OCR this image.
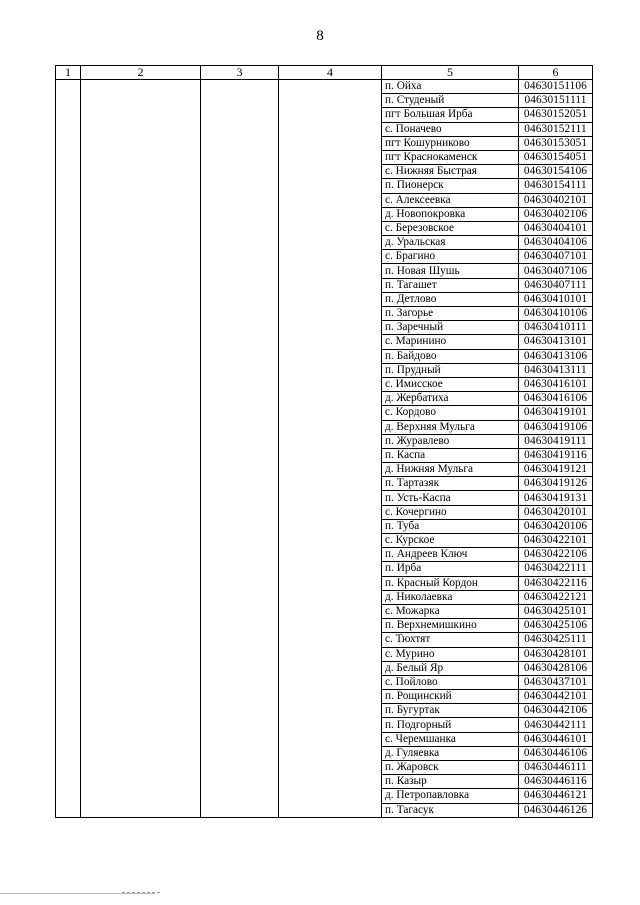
8
1	2	3	4	5	6
				п. Ойха	04630151106
				п. Студеный	04630151111
				пгт Большая Ирба	04630152051
				с. Поначево	04630152111
				пгт Кошурниково	04630153051
				пгт Краснокаменск	04630154051
				с. Нижняя Быстрая	04630154106
				п. Пионерск	04630154111
				с. Алексеевка	04630402101
				д. Новопокровка	04630402106
				с. Березовское	04630404101
				д. Уральская	04630404106
				с. Брагино	04630407101
				п. Новая Шушь	04630407106
				п. Тагашет	04630407111
				п. Детлово	04630410101
				п. Загорье	04630410106
				п. Заречный	04630410111
				с. Маринино	04630413101
				п. Байдово	04630413106
				п. Прудный	04630413111
				с. Имисское	04630416101
				д. Жербатиха	04630416106
				с. Кордово	04630419101
				д. Верхняя Мульга	04630419106
				п. Журавлево	04630419111
				п. Каспа	04630419116
				д. Нижняя Мульга	04630419121
				п. Тартазяк	04630419126
				п. Усть-Каспа	04630419131
				с. Кочергино	04630420101
				п. Туба	04630420106
				с. Курское	04630422101
				п. Андреев Ключ	04630422106
				п. Ирба	04630422111
				п. Красный Кордон	04630422116
				д. Николаевка	04630422121
				с. Можарка	04630425101
				п. Верхнемишкино	04630425106
				с. Тюхтят	04630425111
				с. Мурино	04630428101
				д. Белый Яр	04630428106
				с. Пойлово	04630437101
				п. Рощинский	04630442101
				п. Бугуртак	04630442106
				п. Подгорный	04630442111
				с. Черемшанка	04630446101
				д. Гуляевка	04630446106
				п. Жаровск	04630446111
				п. Казыр	04630446116
				д. Петропавловка	04630446121
				п. Тагасук	04630446126
